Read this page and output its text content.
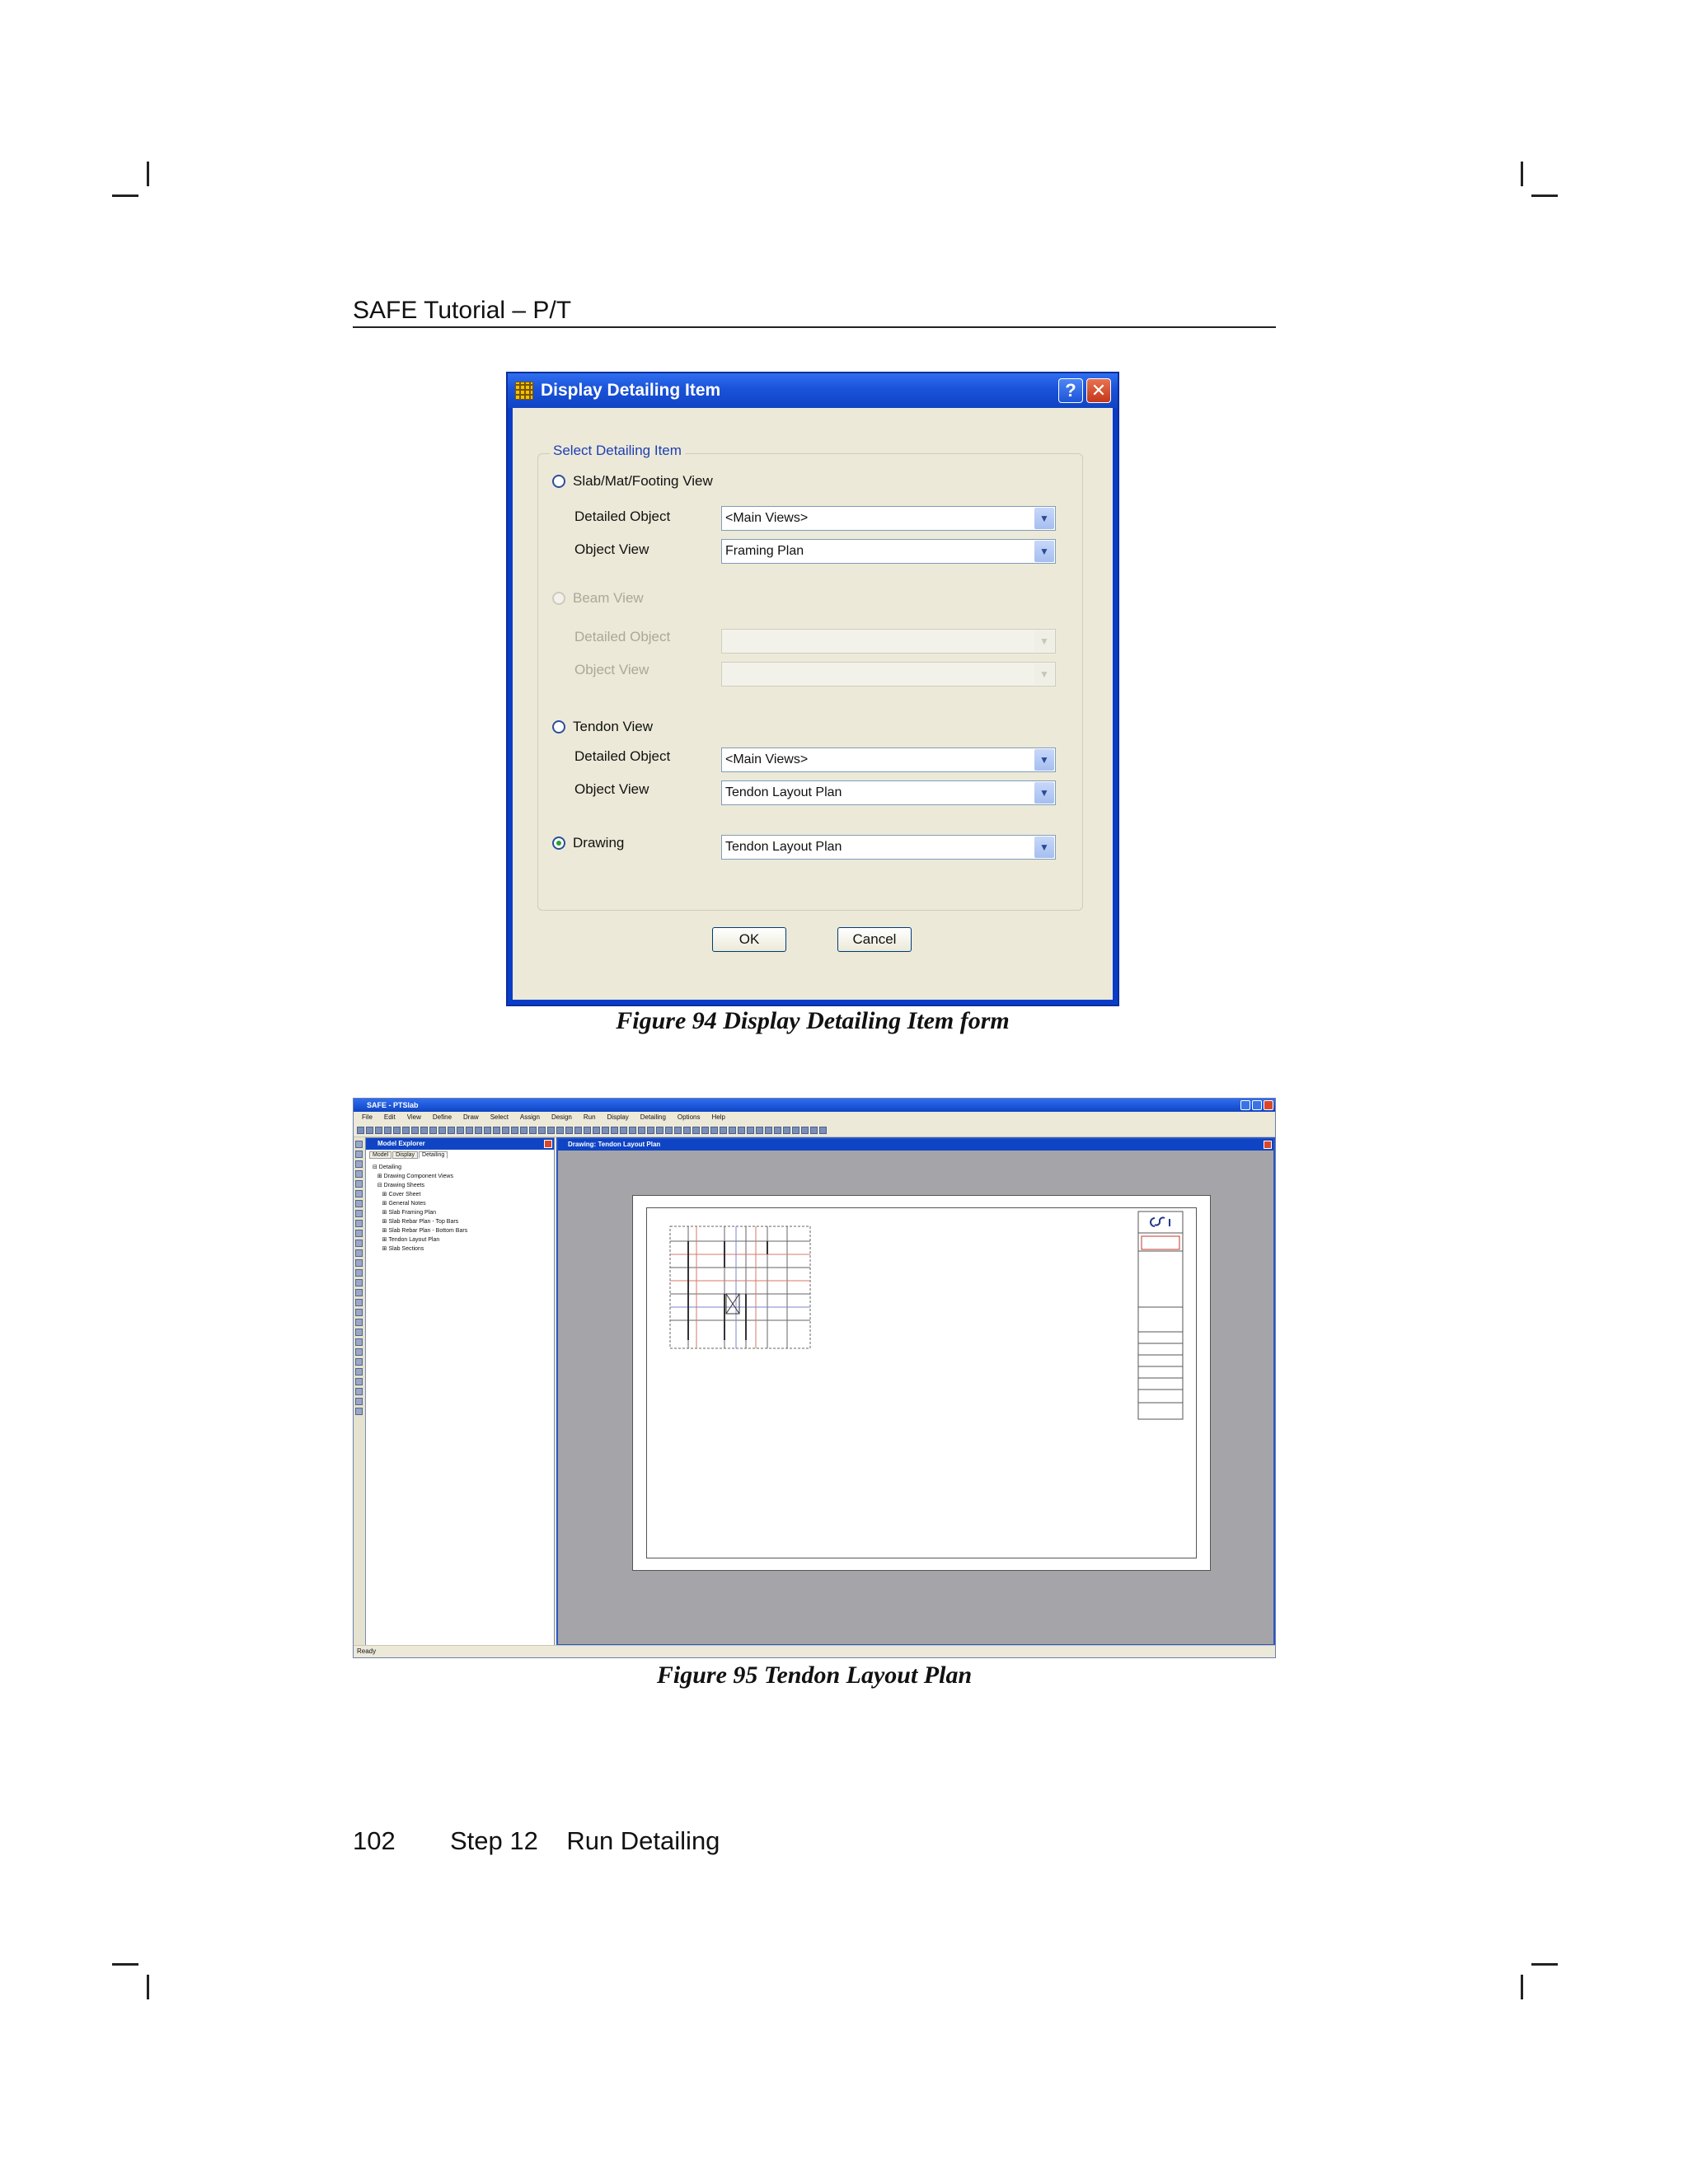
SAFE Tutorial – P/T
Display Detailing Item	? ✕
Select Detailing Item
Slab/Mat/Footing View
Detailed Object	<Main Views>	▼
Object View	Framing Plan	▼
Beam View
Detailed Object	▼
Object View	▼
Tendon View
Detailed Object	<Main Views>	▼
Object View	Tendon Layout Plan	▼
Drawing	Tendon Layout Plan	▼
OK	Cancel
Figure 94 Display Detailing Item form
SAFE - PTSlab
File Edit View Define Draw Select Assign Design Run Display Detailing Options Help
Model Explorer
Model Display Detailing
⊟ Detailing
⊞ Drawing Component Views
⊟ Drawing Sheets
⊞ Cover Sheet
⊞ General Notes
⊞ Slab Framing Plan
⊞ Slab Rebar Plan - Top Bars
⊞ Slab Rebar Plan - Bottom Bars
⊞ Tendon Layout Plan
⊞ Slab Sections
Drawing: Tendon Layout Plan
Ready
Figure 95 Tendon Layout Plan
102 Step 12    Run Detailing
